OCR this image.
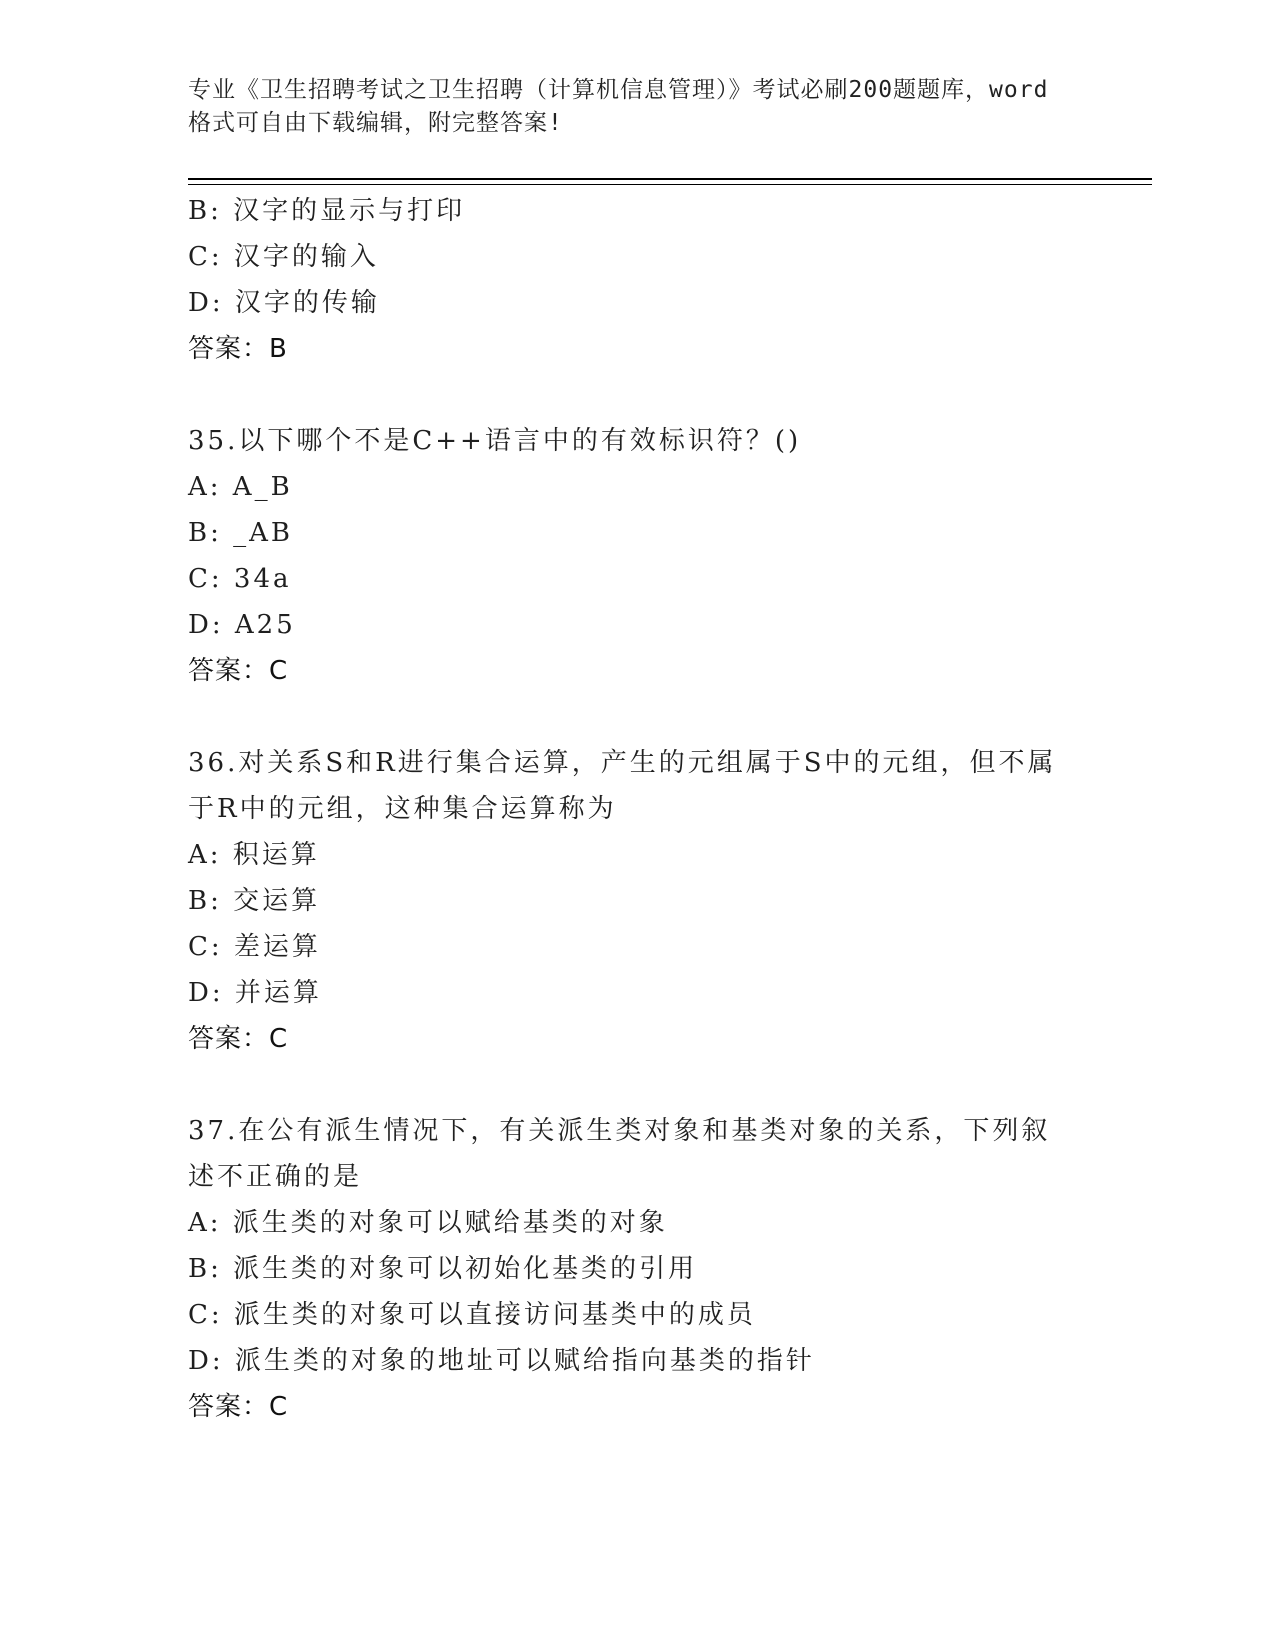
专业《卫生招聘考试之卫生招聘（计算机信息管理）》考试必刷200题题库，word
格式可自由下载编辑，附完整答案!
B: 汉字的显示与打印
C: 汉字的输入
D: 汉字的传输
答案：B
35.以下哪个不是C++语言中的有效标识符？()
A: A_B
B: _AB
C: 34a
D: A25
答案：C
36.对关系S和R进行集合运算，产生的元组属于S中的元组，但不属于R中的元组，这种集合运算称为
A: 积运算
B: 交运算
C: 差运算
D: 并运算
答案：C
37.在公有派生情况下，有关派生类对象和基类对象的关系，下列叙述不正确的是
A: 派生类的对象可以赋给基类的对象
B: 派生类的对象可以初始化基类的引用
C: 派生类的对象可以直接访问基类中的成员
D: 派生类的对象的地址可以赋给指向基类的指针
答案：C
